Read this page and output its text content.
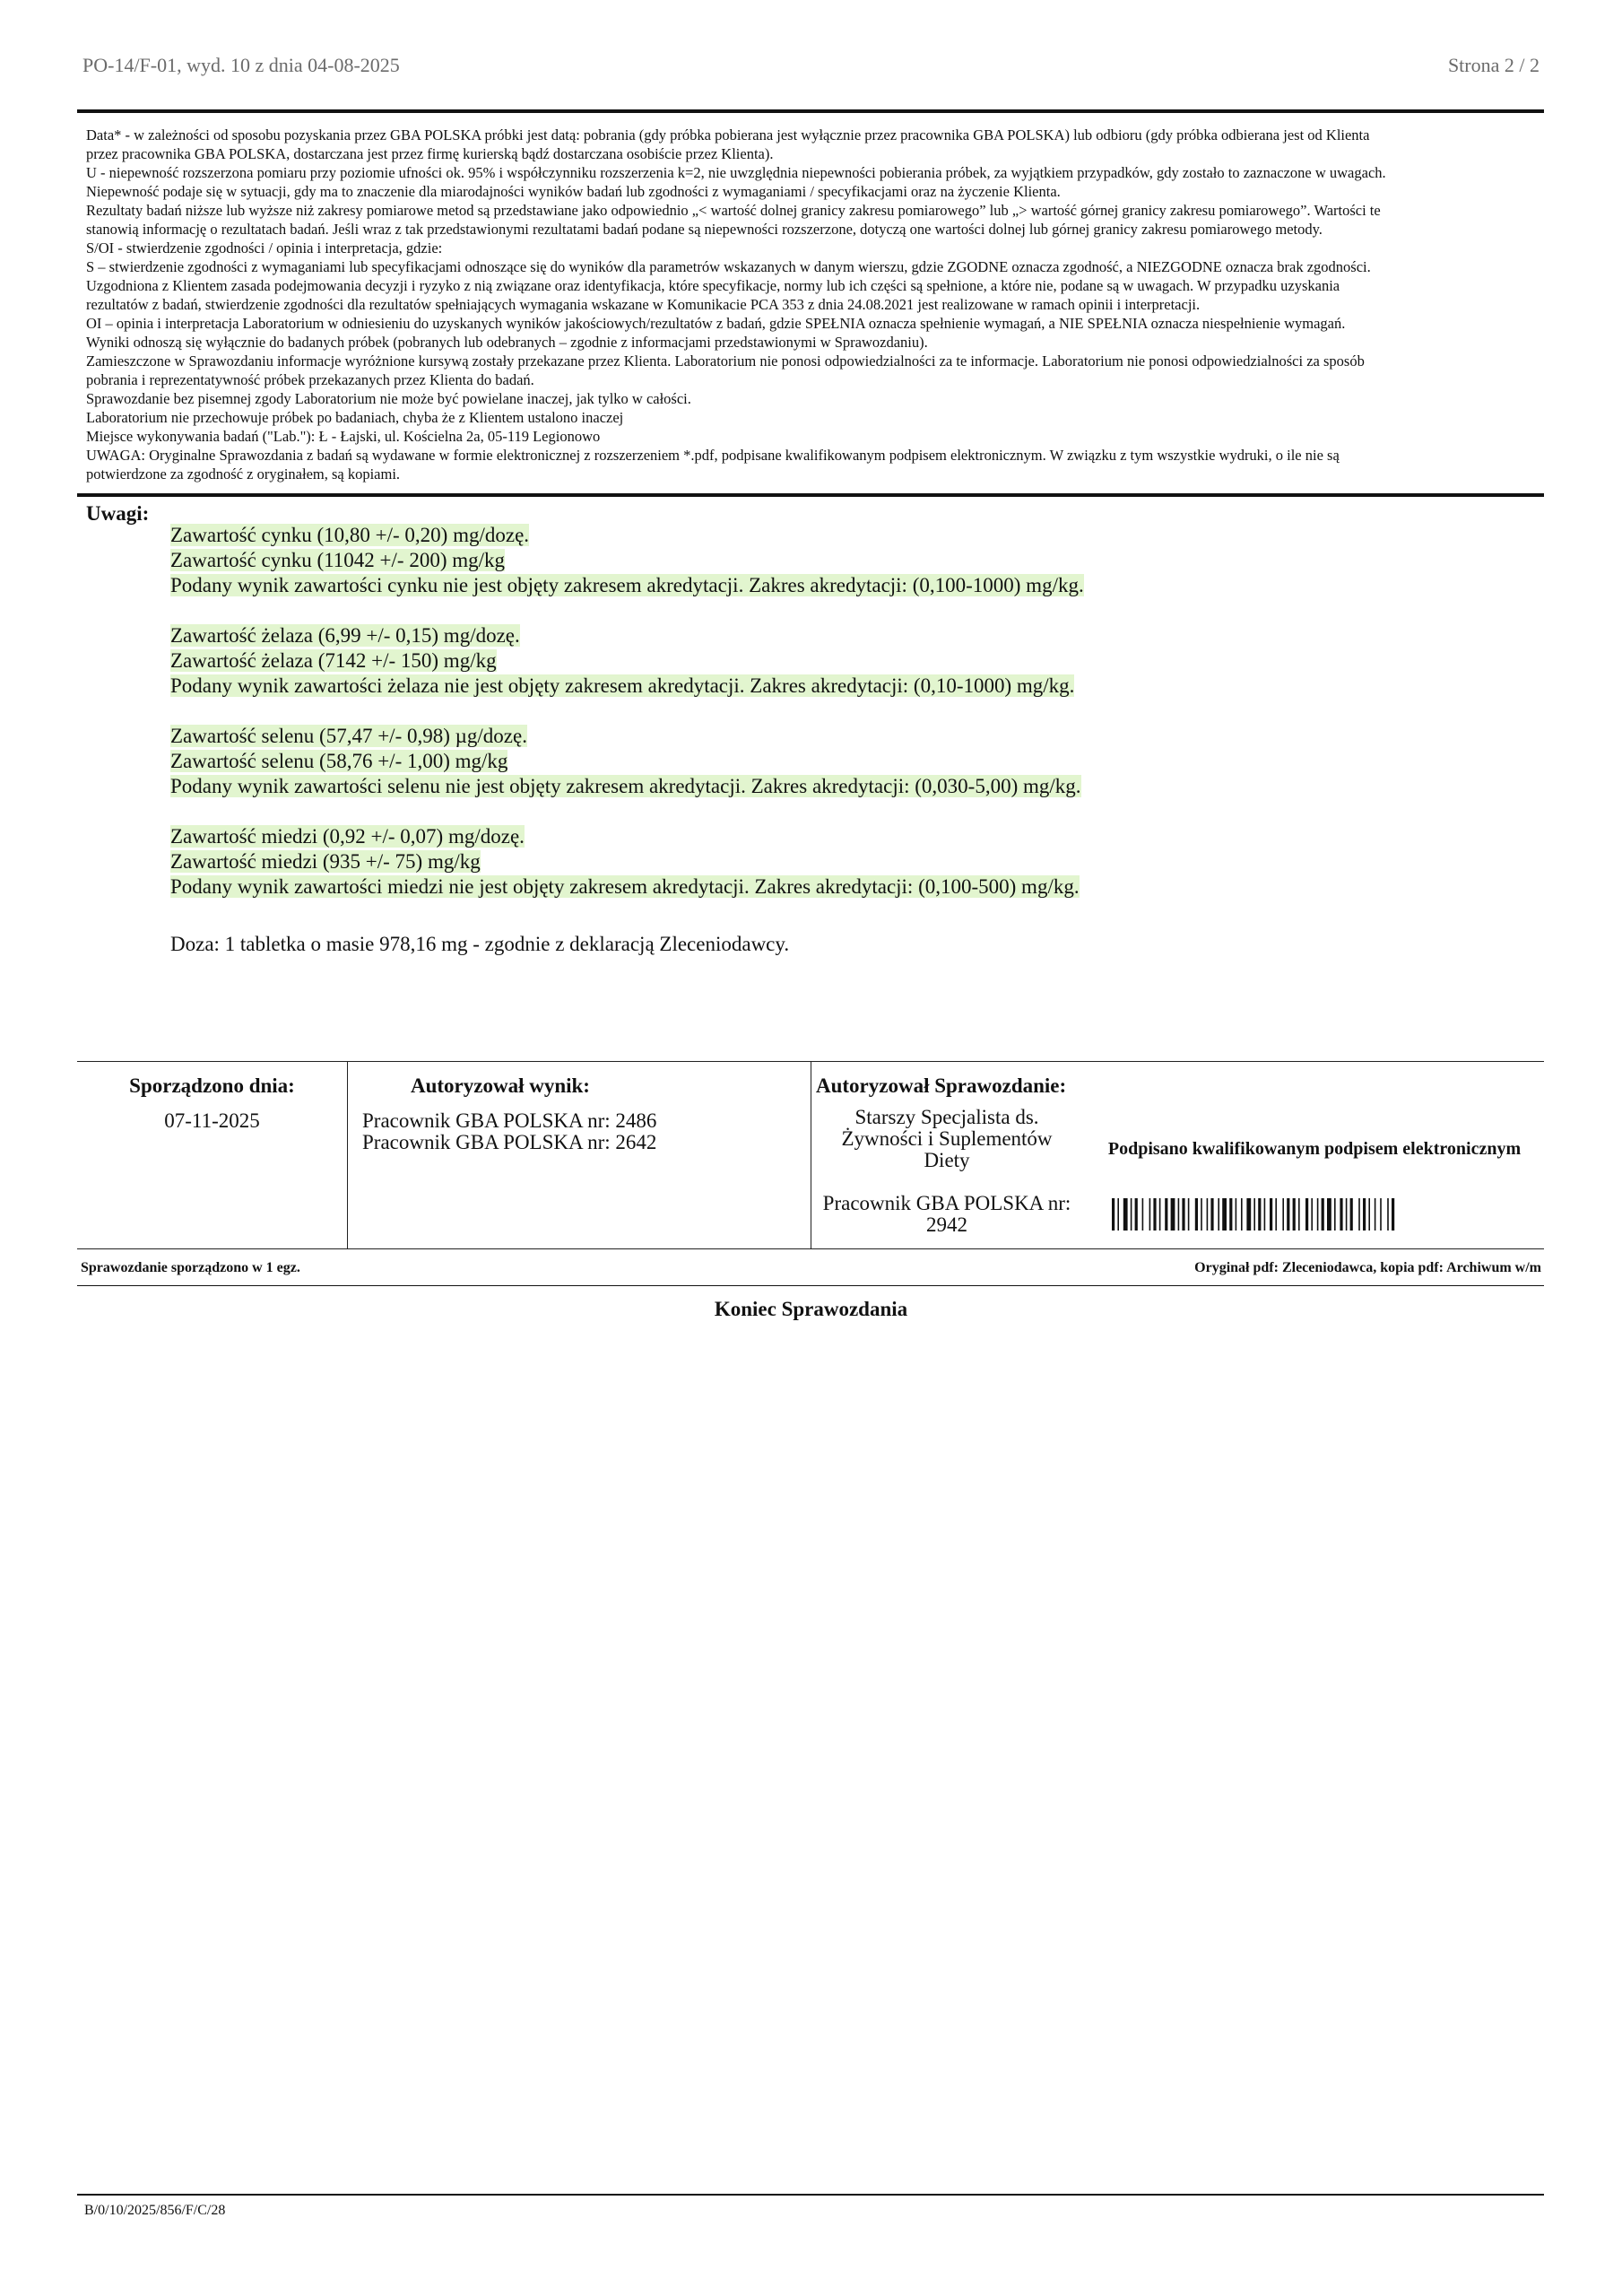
PO-14/F-01, wyd. 10 z dnia 04-08-2025	Strona 2 / 2
Data* - w zależności od sposobu pozyskania przez GBA POLSKA próbki jest datą: pobrania (gdy próbka pobierana jest wyłącznie przez pracownika GBA POLSKA) lub odbioru (gdy próbka odbierana jest od Klienta
przez pracownika GBA POLSKA, dostarczana jest przez firmę kurierską bądź dostarczana osobiście przez Klienta).
U - niepewność rozszerzona pomiaru przy poziomie ufności ok. 95% i współczynniku rozszerzenia k=2, nie uwzględnia niepewności pobierania próbek, za wyjątkiem przypadków, gdy zostało to zaznaczone w uwagach.
Niepewność podaje się w sytuacji, gdy ma to znaczenie dla miarodajności wyników badań lub zgodności z wymaganiami / specyfikacjami oraz na życzenie Klienta.
Rezultaty badań niższe lub wyższe niż zakresy pomiarowe metod są przedstawiane jako odpowiednio „< wartość dolnej granicy zakresu pomiarowego” lub „> wartość górnej granicy zakresu pomiarowego”. Wartości te
stanowią informację o rezultatach badań. Jeśli wraz z tak przedstawionymi rezultatami badań podane są niepewności rozszerzone, dotyczą one wartości dolnej lub górnej granicy zakresu pomiarowego metody.
S/OI - stwierdzenie zgodności / opinia i interpretacja, gdzie:
S – stwierdzenie zgodności z wymaganiami lub specyfikacjami odnoszące się do wyników dla parametrów wskazanych w danym wierszu, gdzie ZGODNE oznacza zgodność, a NIEZGODNE oznacza brak zgodności.
Uzgodniona z Klientem zasada podejmowania decyzji i ryzyko z nią związane oraz identyfikacja, które specyfikacje, normy lub ich części są spełnione, a które nie, podane są w uwagach. W przypadku uzyskania
rezultatów z badań, stwierdzenie zgodności dla rezultatów spełniających wymagania wskazane w Komunikacie PCA 353 z dnia 24.08.2021 jest realizowane w ramach opinii i interpretacji.
OI – opinia i interpretacja Laboratorium w odniesieniu do uzyskanych wyników jakościowych/rezultatów z badań, gdzie SPEŁNIA oznacza spełnienie wymagań, a NIE SPEŁNIA oznacza niespełnienie wymagań.
Wyniki odnoszą się wyłącznie do badanych próbek (pobranych lub odebranych – zgodnie z informacjami przedstawionymi w Sprawozdaniu).
Zamieszczone w Sprawozdaniu informacje wyróżnione kursywą zostały przekazane przez Klienta. Laboratorium nie ponosi odpowiedzialności za te informacje. Laboratorium nie ponosi odpowiedzialności za sposób
pobrania i reprezentatywność próbek przekazanych przez Klienta do badań.
Sprawozdanie bez pisemnej zgody Laboratorium nie może być powielane inaczej, jak tylko w całości.
Laboratorium nie przechowuje próbek po badaniach, chyba że z Klientem ustalono inaczej
Miejsce wykonywania badań ("Lab."): Ł - Łajski, ul. Kościelna 2a, 05-119 Legionowo
UWAGA: Oryginalne Sprawozdania z badań są wydawane w formie elektronicznej z rozszerzeniem *.pdf, podpisane kwalifikowanym podpisem elektronicznym. W związku z tym wszystkie wydruki, o ile nie są
potwierdzone za zgodność z oryginałem, są kopiami.
Uwagi:
Zawartość cynku (10,80 +/- 0,20) mg/dozę.
Zawartość cynku (11042 +/- 200) mg/kg
Podany wynik zawartości cynku nie jest objęty zakresem akredytacji. Zakres akredytacji: (0,100-1000) mg/kg.
Zawartość żelaza (6,99 +/- 0,15) mg/dozę.
Zawartość żelaza (7142 +/- 150) mg/kg
Podany wynik zawartości żelaza nie jest objęty zakresem akredytacji. Zakres akredytacji: (0,10-1000) mg/kg.
Zawartość selenu (57,47 +/- 0,98) µg/dozę.
Zawartość selenu (58,76 +/- 1,00) mg/kg
Podany wynik zawartości selenu nie jest objęty zakresem akredytacji. Zakres akredytacji: (0,030-5,00) mg/kg.
Zawartość miedzi (0,92 +/- 0,07) mg/dozę.
Zawartość miedzi (935 +/- 75) mg/kg
Podany wynik zawartości miedzi nie jest objęty zakresem akredytacji. Zakres akredytacji: (0,100-500) mg/kg.
Doza: 1 tabletka o masie 978,16 mg - zgodnie z deklaracją Zleceniodawcy.
Sporządzono dnia:
07-11-2025
Autoryzował wynik:
Pracownik GBA POLSKA nr: 2486
Pracownik GBA POLSKA nr: 2642
Autoryzował Sprawozdanie:
Starszy Specjalista ds.
Żywności i Suplementów
Diety
Pracownik GBA POLSKA nr:
2942
Podpisano kwalifikowanym podpisem elektronicznym
Sprawozdanie sporządzono w 1 egz.	Oryginał pdf: Zleceniodawca, kopia pdf: Archiwum w/m
Koniec Sprawozdania
B/0/10/2025/856/F/C/28
